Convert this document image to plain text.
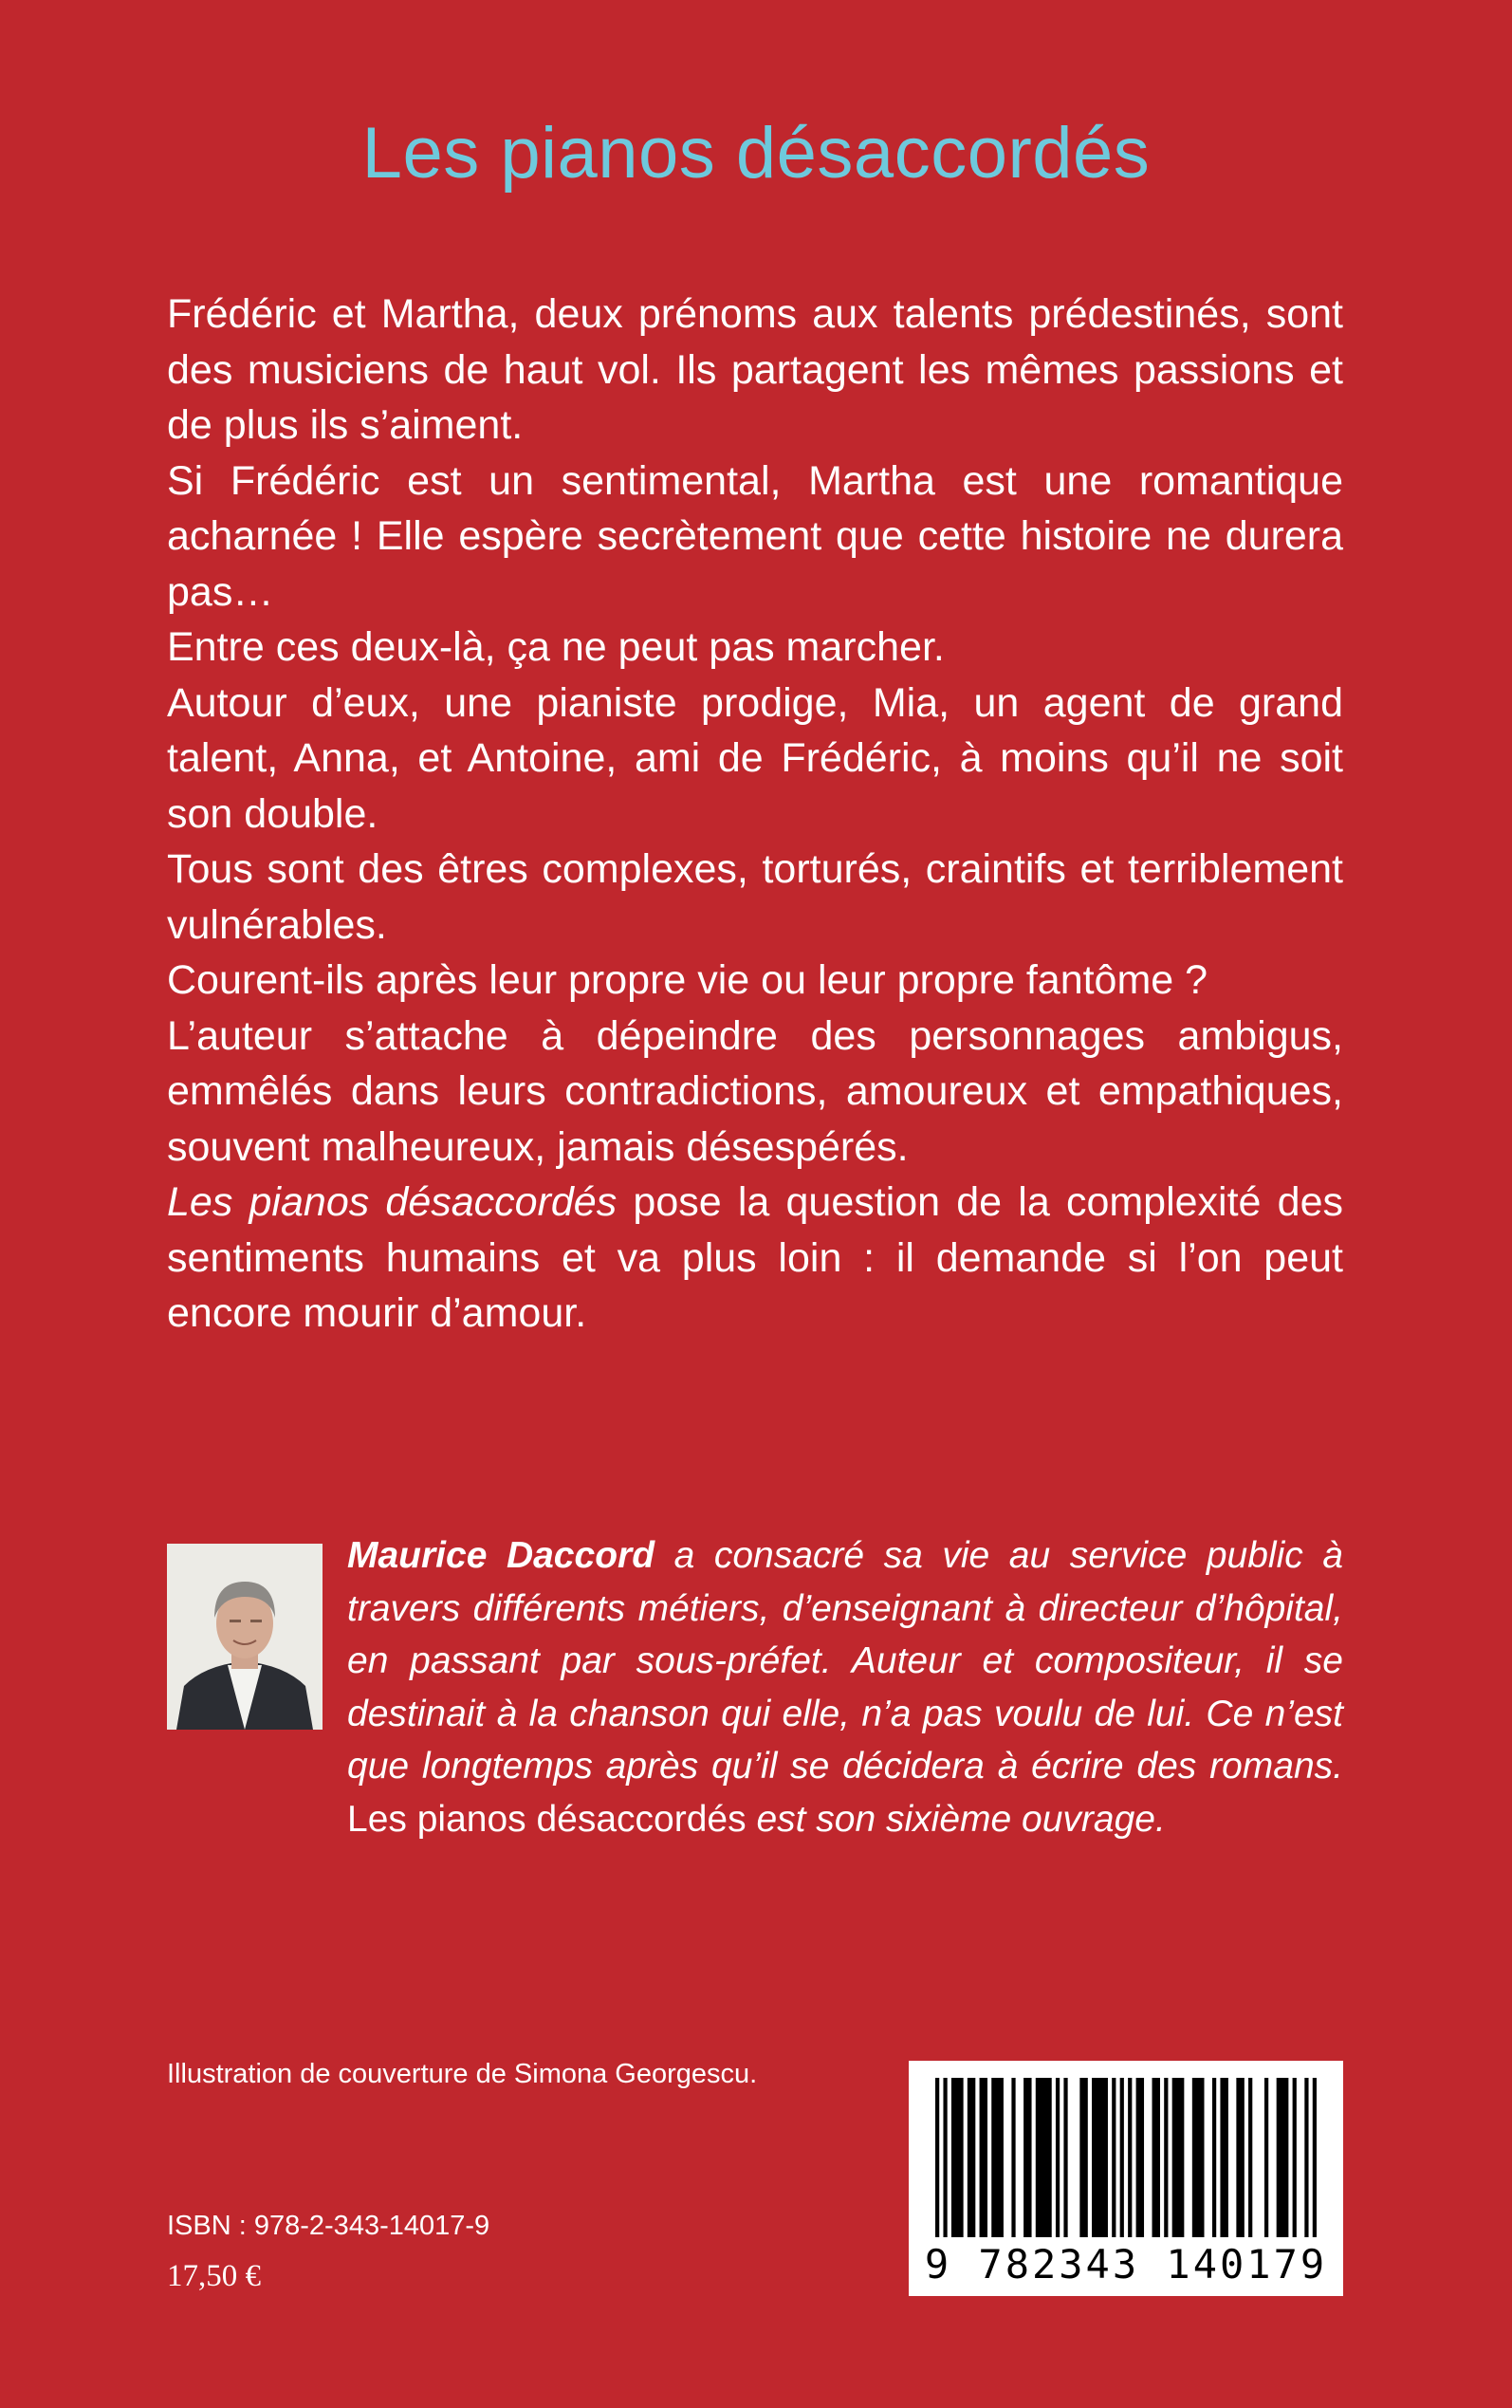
Les pianos désaccordés

Frédéric et Martha, deux prénoms aux talents prédestinés, sont des musiciens de haut vol. Ils partagent les mêmes passions et de plus ils s’aiment.

Si Frédéric est un sentimental, Martha est une romantique acharnée ! Elle espère secrètement que cette histoire ne durera pas…

Entre ces deux-là, ça ne peut pas marcher.

Autour d’eux, une pianiste prodige, Mia, un agent de grand talent, Anna, et Antoine, ami de Frédéric, à moins qu’il ne soit son double.

Tous sont des êtres complexes, torturés, craintifs et terriblement vulnérables.

Courent-ils après leur propre vie ou leur propre fantôme ?

L’auteur s’attache à dépeindre des personnages ambigus, emmêlés dans leurs contradictions, amoureux et empathiques, souvent malheureux, jamais désespérés.

Les pianos désaccordés pose la question de la complexité des sentiments humains et va plus loin : il demande si l’on peut encore mourir d’amour.

Maurice Daccord a consacré sa vie au service public à travers différents métiers, d’enseignant à directeur d’hôpital, en passant par sous-préfet. Auteur et compositeur, il se destinait à la chanson qui elle, n’a pas voulu de lui. Ce n’est que longtemps après qu’il se décidera à écrire des romans. Les pianos désaccordés est son sixième ouvrage.

Illustration de couverture de Simona Georgescu.
ISBN : 978-2-343-14017-9
17,50 €	9 782343 140179
